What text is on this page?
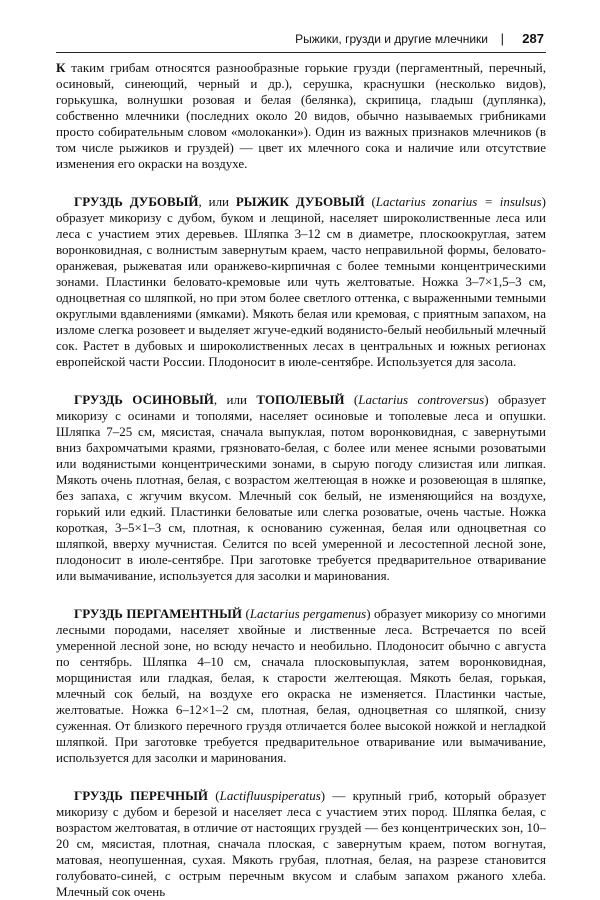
Рыжики, грузди и другие млечники | 287

К таким грибам относятся разнообразные горькие грузди (пергаментный, перечный, осиновый, синеющий, черный и др.), серушка, краснушки (несколько видов), горькушка, волнушки розовая и белая (белянка), скрипица, гладыш (дуплянка), собственно млечники (последних около 20 видов, обычно называемых грибниками просто собирательным словом «молоканки»). Один из важных признаков млечников (в том числе рыжиков и груздей) — цвет их млечного сока и наличие или отсутствие изменения его окраски на воздухе.

ГРУЗДЬ ДУБОВЫЙ, или РЫЖИК ДУБОВЫЙ (Lactarius zonarius = insulsus) образует микоризу с дубом, буком и лещиной, населяет широколиственные леса или леса с участием этих деревьев. Шляпка 3–12 см в диаметре, плоскоокруглая, затем воронковидная, с волнистым завернутым краем, часто неправильной формы, беловато-оранжевая, рыжеватая или оранжево-кирпичная с более темными концентрическими зонами. Пластинки беловато-кремовые или чуть желтоватые. Ножка 3–7×1,5–3 см, одноцветная со шляпкой, но при этом более светлого оттенка, с выраженными темными округлыми вдавлениями (ямками). Мякоть белая или кремовая, с приятным запахом, на изломе слегка розовеет и выделяет жгуче-едкий водянисто-белый необильный млечный сок. Растет в дубовых и широколиственных лесах в центральных и южных регионах европейской части России. Плодоносит в июле-сентябре. Используется для засола.

ГРУЗДЬ ОСИНОВЫЙ, или ТОПОЛЕВЫЙ (Lactarius controversus) образует микоризу с осинами и тополями, населяет осиновые и тополевые леса и опушки. Шляпка 7–25 см, мясистая, сначала выпуклая, потом воронковидная, с завернутыми вниз бахромчатыми краями, грязновато-белая, с более или менее ясными розоватыми или водянистыми концентрическими зонами, в сырую погоду слизистая или липкая. Мякоть очень плотная, белая, с возрастом желтеющая в ножке и розовеющая в шляпке, без запаха, с жгучим вкусом. Млечный сок белый, не изменяющийся на воздухе, горький или едкий. Пластинки беловатые или слегка розоватые, очень частые. Ножка короткая, 3–5×1–3 см, плотная, к основанию суженная, белая или одноцветная со шляпкой, вверху мучнистая. Селится по всей умеренной и лесостепной лесной зоне, плодоносит в июле-сентябре. При заготовке требуется предварительное отваривание или вымачивание, используется для засолки и маринования.

ГРУЗДЬ ПЕРГАМЕНТНЫЙ (Lactarius pergamenus) образует микоризу со многими лесными породами, населяет хвойные и лиственные леса. Встречается по всей умеренной лесной зоне, но всюду нечасто и необильно. Плодоносит обычно с августа по сентябрь. Шляпка 4–10 см, сначала плосковыпуклая, затем воронковидная, морщинистая или гладкая, белая, к старости желтеющая. Мякоть белая, горькая, млечный сок белый, на воздухе его окраска не изменяется. Пластинки частые, желтоватые. Ножка 6–12×1–2 см, плотная, белая, одноцветная со шляпкой, снизу суженная. От близкого перечного груздя отличается более высокой ножкой и негладкой шляпкой. При заготовке требуется предварительное отваривание или вымачивание, используется для засолки и маринования.

ГРУЗДЬ ПЕРЕЧНЫЙ (Lactifluuspiperatus) — крупный гриб, который образует микоризу с дубом и березой и населяет леса с участием этих пород. Шляпка белая, с возрастом желтоватая, в отличие от настоящих груздей — без концентрических зон, 10–20 см, мясистая, плотная, сначала плоская, с завернутым краем, потом вогнутая, матовая, неопушенная, сухая. Мякоть грубая, плотная, белая, на разрезе становится голубовато-синей, с острым перечным вкусом и слабым запахом ржаного хлеба. Млечный сок очень
